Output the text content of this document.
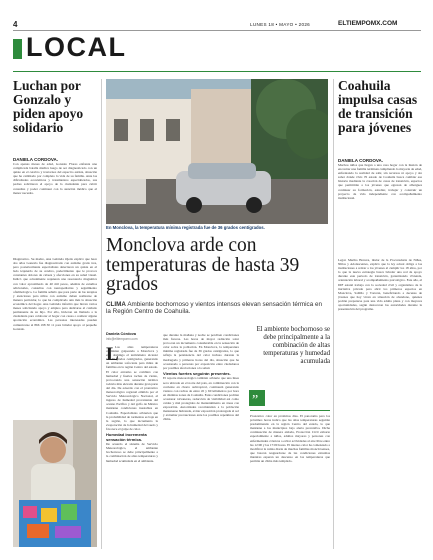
4	LUNES 18 • MAYO • 2026	ELTIEMPOMX.COM
LOCAL
Luchan por Gonzalo y piden apoyo solidario
DANIELA CORDOVA.
Con apenas meses de edad, Gonzalo Flores enfrenta una complicada batalla médica luego de ser diagnosticado con un quiste en el cerebro y trastornos del espectro autista, situación que ha cambiado por completo la vida de su familia. Ante las dificultades económicas y tratamientos especializados, sus padres solicitaron el apoyo de la ciudadanía para cubrir consultas y poder continuar con la atención médica que el menor necesita.
Diagnóstico. Su madre, Ana Gabriela Ojeda explicó que hace dos años Gonzalo fue diagnosticado con autismo grado tres, pero posteriormente especialistas detectaron un quiste en el lado izquierdo de su cerebro, padecimiento que le provoca constantes dolores de cabeza y afecciones en su salud visual. Indicó que actualmente requieren una resonancia magnética con valor aproximado de 40 mil pesos, además de estudios adicionales, consultas con neuropediatras y seguimiento oftalmológico. La familia señaló que para parte de las terapias y atenciones para niños con autismo deben realizarse de manera particular, lo que ha complicado aún más la situación económica del hogar. Ana Gabriela informó que llevan varios meses solicitando apoyo y empleo para dedicarse al cuidado permanente de su hijo. Por ello, hicieron un llamado a la ciudadanía para colaborar al hogar con causa o realizar alguna aportación económica. Las personas interesadas pueden comunicarse al 866 198 30 11 para brindar apoyo al pequeño Gonzalo.
En Monclova, la temperatura mínima registrada fue de 36 grados centígrados.
Monclova arde con temperaturas de hasta 39 grados
CLIMA Ambiente bochornoso y vientos intensos elevan sensación térmica en la Región Centro de Coahuila.
Daniela Córdova
info@eltiempomx.com
L
Las altas temperaturas continúan golpeando a Monclova y este domingo el termómetro alcanzó los 39 grados centígrados, generando un ambiente sofocante para miles de familias en la región Centro del estado. El calor extremo se combinó con humedad y fuertes rachas de viento, provocando una sensación térmica todavía más elevada durante gran parte del día. De acuerdo con el pronóstico meteorológico regional emitido por el Servicio Meteorológico Nacional, el ingreso de humedad proveniente del océano Pacífico y del golfo de México mantiene condiciones inestables en Coahuila. Especialistas advierten que la probabilidad de tormentas es baja en la región, lo que incrementa la evaporación de la humedad del suelo y favorece el golpe de calor.
Humedad incrementa sensación térmica.
De acuerdo el sistema de Servicio Meteorológico, el ambiente bochornoso se debe principalmente a la combinación de altas temperaturas y humedad acumulada en el ambiente.
que durante la mañana y noche se perciben condiciones más frescas. Las horas de mayor radiación solar provocan un incremento considerable en la sensación de calor sobre la población. En Monclova, la temperatura mínima registrada fue de 36 grados centígrados, lo que refleja la persistencia del calor incluso durante la madrugada y primeras horas del día, situación que ha ocasionado a personas por exposición entre ciudadanos por posibles afectaciones a la salud.
Vientos fuertes seguirán presentes.
El reporte meteorológico también advierte que una línea seca ubicada en el norte del país, en combinación con la corriente en chorro subtropical, continuará generando vientos con rachas de entre 45 y 60 kilómetros por hora en distintas zonas de Coahuila. Estas condiciones podrían ocasionar tolvaneras, reducción de visibilidad así como caídas y mal protegidos de mantenimiento en áreas con exposición. Autoridades recomiendan a la población mantenerse hidratada, evitar exposición prolongada al sol y extremar precauciones ante los posibles repentinos del clima.
El ambiente bochornoso se debe principalmente a la combinación de altas temperaturas y humedad acumulada
”
Pronóstico calor en próximos días. El panorama para los próximos horas indica que las altas temperaturas seguirán predominando en la región Centro del estado, lo que mantiene a los municipios bajo alerta preventiva. Dicha continuación de manera aislada, Protección Civil exhorte especialmente a niños, adultos mayores y personas con enfermedades crónicas a evitar actividades al aire libre entre las 12:00 y las 17:00 horas. El intenso calor ha comenzado a modificar la rutina diaria de muchas familias monclovenses, que buscan resguardarse de las condiciones extremas mientras esperan un descenso en las temperaturas que permita un clima más templado.
Coahuila impulsa casas de transición para jóvenes
DANIELA CORDOVA.
Muchos niños que llegan a una casa hogar con la ilusión de encontrar una familia terminan cumpliendo la mayoría de edad, enfrentando la realidad de salir, sin recursos ni apoyo y sin saber dónde vivir. El estado de Coahuila busca cambiar esa historia mediante la creación de casas de transición, espacios que permitirán a los jóvenes que egresan de albergues continuar su formación, estudiar, trabajar y construir un proyecto de vida independiente con acompañamiento institucional.
Legal. Martha Herrera, titular de la Procuraduría de Niñas, Niños y Adolescentes, explicó que la ley actual obliga a las instituciones a retirar a los jóvenes al cumplir los 18 años, por lo que la nueva estrategia busca brindar una red de apoyo durante este periodo de transición, garantizando vivienda, orientación laboral y acompañamiento psicológico. Este año, el DIF estatal trabaja con la sociedad civil y organismos de la iniciativa privada para abrir los primeros espacios en Monclova, Saltillo y Torreón, beneficiando a decenas de jóvenes que hoy viven en situación de abandono, quienes podrán prepararse para una vida adulta plena y con mayores oportunidades, según destacaron las autoridades durante la presentación del programa.
